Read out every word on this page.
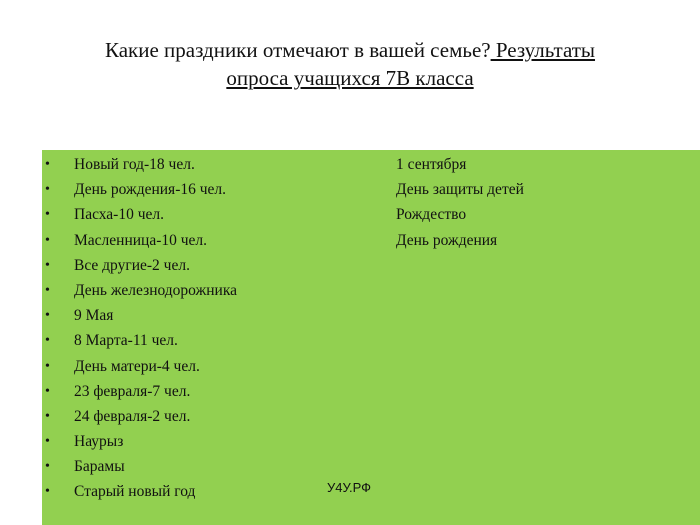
Какие праздники отмечают в вашей семье? Результаты
опроса учащихся 7В класса
• Новый год-18 чел.
• День рождения-16 чел.
• Пасха-10 чел.
• Масленница-10 чел.
• Все другие-2 чел.
• День железнодорожника
• 9 Мая
• 8 Марта-11 чел.
• День матери-4 чел.
• 23 февраля-7 чел.
• 24 февраля-2 чел.
• Наурыз
• Барамы
• Старый новый год
1 сентября
День защиты детей
Рождество
День рождения
У4У.РФ
